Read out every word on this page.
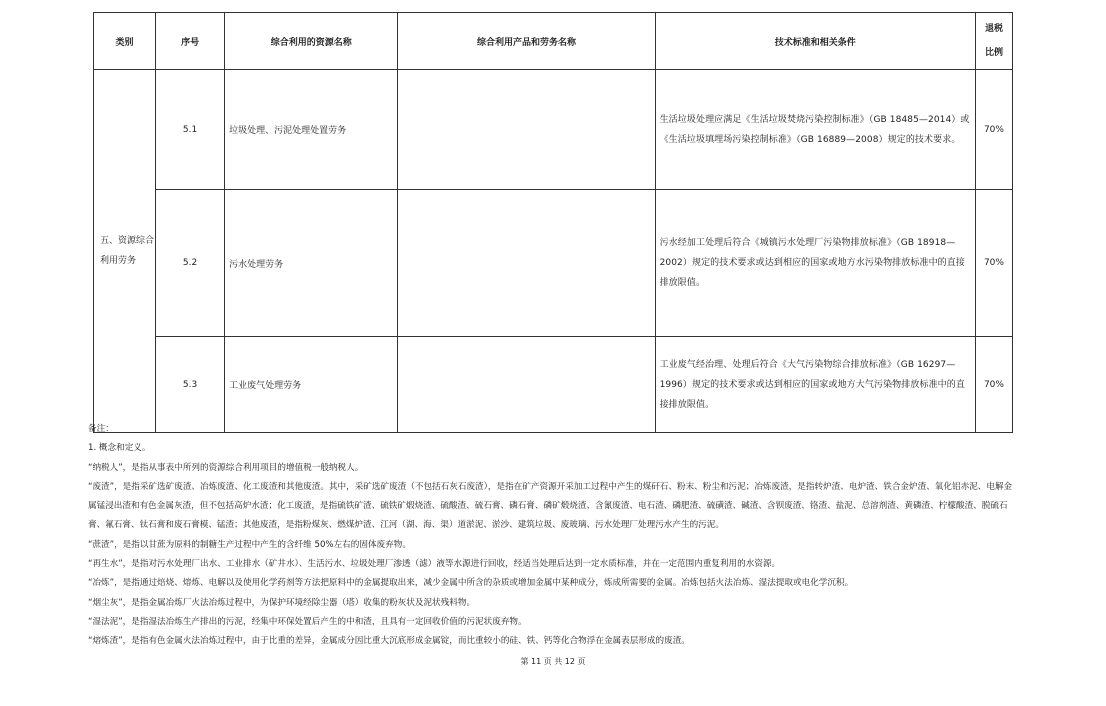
类别	序号	综合利用的资源名称	综合利用产品和劳务名称	技术标准和相关条件	退税
比例

五、资源综合利用劳务	5.1	垃圾处理、污泥处理处置劳务		生活垃圾处理应满足《生活垃圾焚烧污染控制标准》（GB 18485—2014）或《生活垃圾填埋场污染控制标准》（GB 16889—2008）规定的技术要求。	70%
	5.2	污水处理劳务		污水经加工处理后符合《城镇污水处理厂污染物排放标准》（GB 18918—2002）规定的技术要求或达到相应的国家或地方水污染物排放标准中的直接排放限值。	70%
	5.3	工业废气处理劳务		工业废气经治理、处理后符合《大气污染物综合排放标准》（GB 16297—1996）规定的技术要求或达到相应的国家或地方大气污染物排放标准中的直接排放限值。	70%

备注：

1. 概念和定义。

“纳税人”，是指从事表中所列的资源综合利用项目的增值税一般纳税人。

“废渣”，是指采矿选矿废渣、冶炼废渣、化工废渣和其他废渣。其中，采矿选矿废渣（不包括石灰石废渣），是指在矿产资源开采加工过程中产生的煤矸石、粉末、粉尘和污泥；冶炼废渣，是指转炉渣、电炉渣、铁合金炉渣、氧化铝赤泥、电解金属锰浸出渣和有色金属灰渣，但不包括高炉水渣；化工废渣，是指硫铁矿渣、硫铁矿煅烧渣、硫酸渣、硫石膏、磷石膏、磷矿煅烧渣、含氰废渣、电石渣、磷肥渣、硫磺渣、碱渣、含钡废渣、铬渣、盐泥、总溶剂渣、黄磷渣、柠檬酸渣、脱硫石膏、氟石膏、钛石膏和废石膏模、锰渣；其他废渣，是指粉煤灰、燃煤炉渣、江河（湖、海、渠）道淤泥、淤沙、建筑垃圾、废玻璃、污水处理厂处理污水产生的污泥。

“蔗渣”，是指以甘蔗为原料的制糖生产过程中产生的含纤维 50%左右的固体废弃物。

“再生水”，是指对污水处理厂出水、工业排水（矿井水）、生活污水、垃圾处理厂渗透（滤）液等水源进行回收，经适当处理后达到一定水质标准，并在一定范围内重复利用的水资源。

“冶炼”，是指通过焙烧、熔炼、电解以及使用化学药剂等方法把原料中的金属提取出来，减少金属中所含的杂质或增加金属中某种成分，炼成所需要的金属。冶炼包括火法冶炼、湿法提取或电化学沉积。

“烟尘灰”，是指金属冶炼厂火法冶炼过程中，为保护环境经除尘器（塔）收集的粉灰状及泥状残料物。

“湿法泥”，是指湿法冶炼生产排出的污泥，经集中环保处置后产生的中和渣，且具有一定回收价值的污泥状废弃物。

“熔炼渣”，是指有色金属火法冶炼过程中，由于比重的差异，金属成分因比重大沉底形成金属锭，而比重较小的硅、铁、钙等化合物浮在金属表层形成的废渣。

第 11 页 共 12 页
